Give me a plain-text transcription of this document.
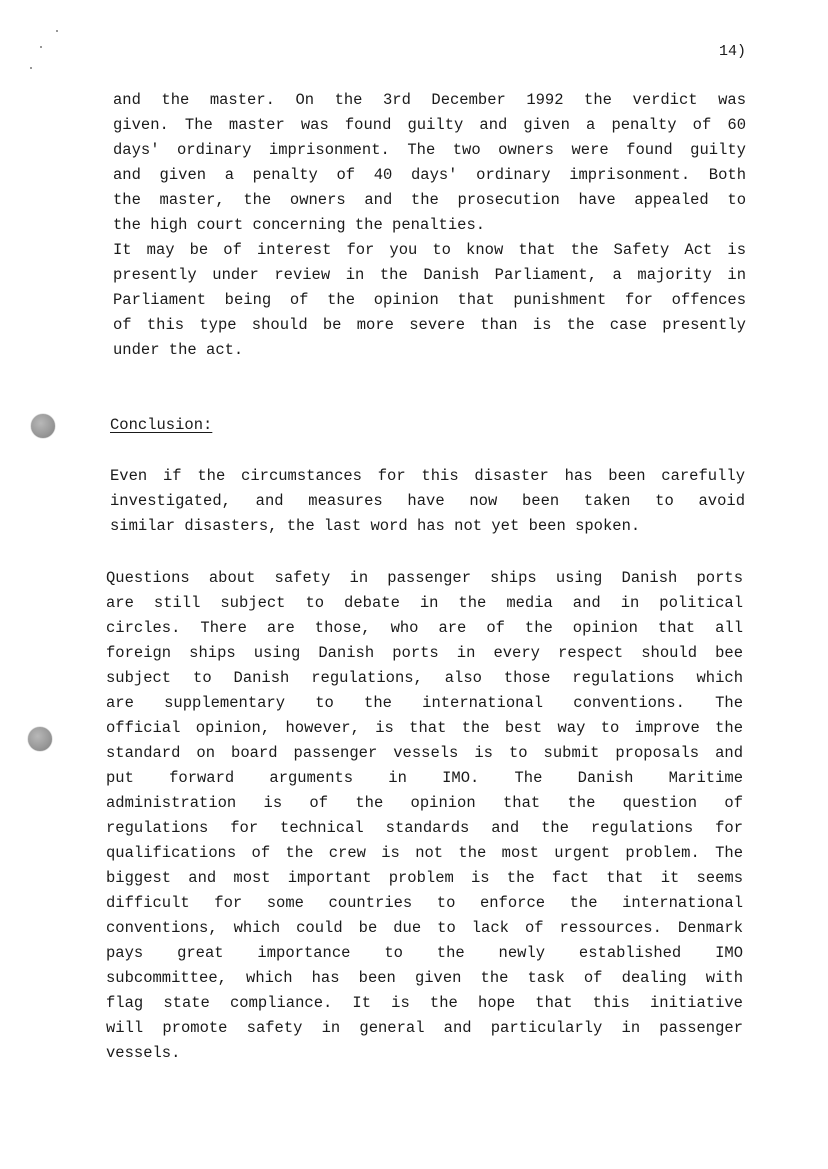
14)
and the master. On the 3rd December 1992 the verdict was
given. The master was found guilty and given a penalty of 60
days' ordinary imprisonment. The two owners were found guilty
and given a penalty of 40 days' ordinary imprisonment. Both
the master, the owners and the prosecution have appealed to
the high court concerning the penalties.
It may be of interest for you to know that the Safety Act is
presently under review in the Danish Parliament, a majority in
Parliament being of the opinion that punishment for offences
of this type should be more severe than is the case presently
under the act.
Conclusion:
Even if the circumstances for this disaster has been carefully
investigated, and measures have now been taken to avoid
similar disasters, the last word has not yet been spoken.
Questions about safety in passenger ships using Danish ports
are still subject to debate in the media and in political
circles. There are those, who are of the opinion that all
foreign ships using Danish ports in every respect should bee
subject to Danish regulations, also those regulations which
are supplementary to the international conventions. The
official opinion, however, is that the best way to improve the
standard on board passenger vessels is to submit proposals and
put forward arguments in IMO. The Danish Maritime
administration is of the opinion that the question of
regulations for technical standards and the regulations for
qualifications of the crew is not the most urgent problem. The
biggest and most important problem is the fact that it seems
difficult for some countries to enforce the international
conventions, which could be due to lack of ressources. Denmark
pays great importance to the newly established IMO
subcommittee, which has been given the task of dealing with
flag state compliance. It is the hope that this initiative
will promote safety in general and particularly in passenger
vessels.
